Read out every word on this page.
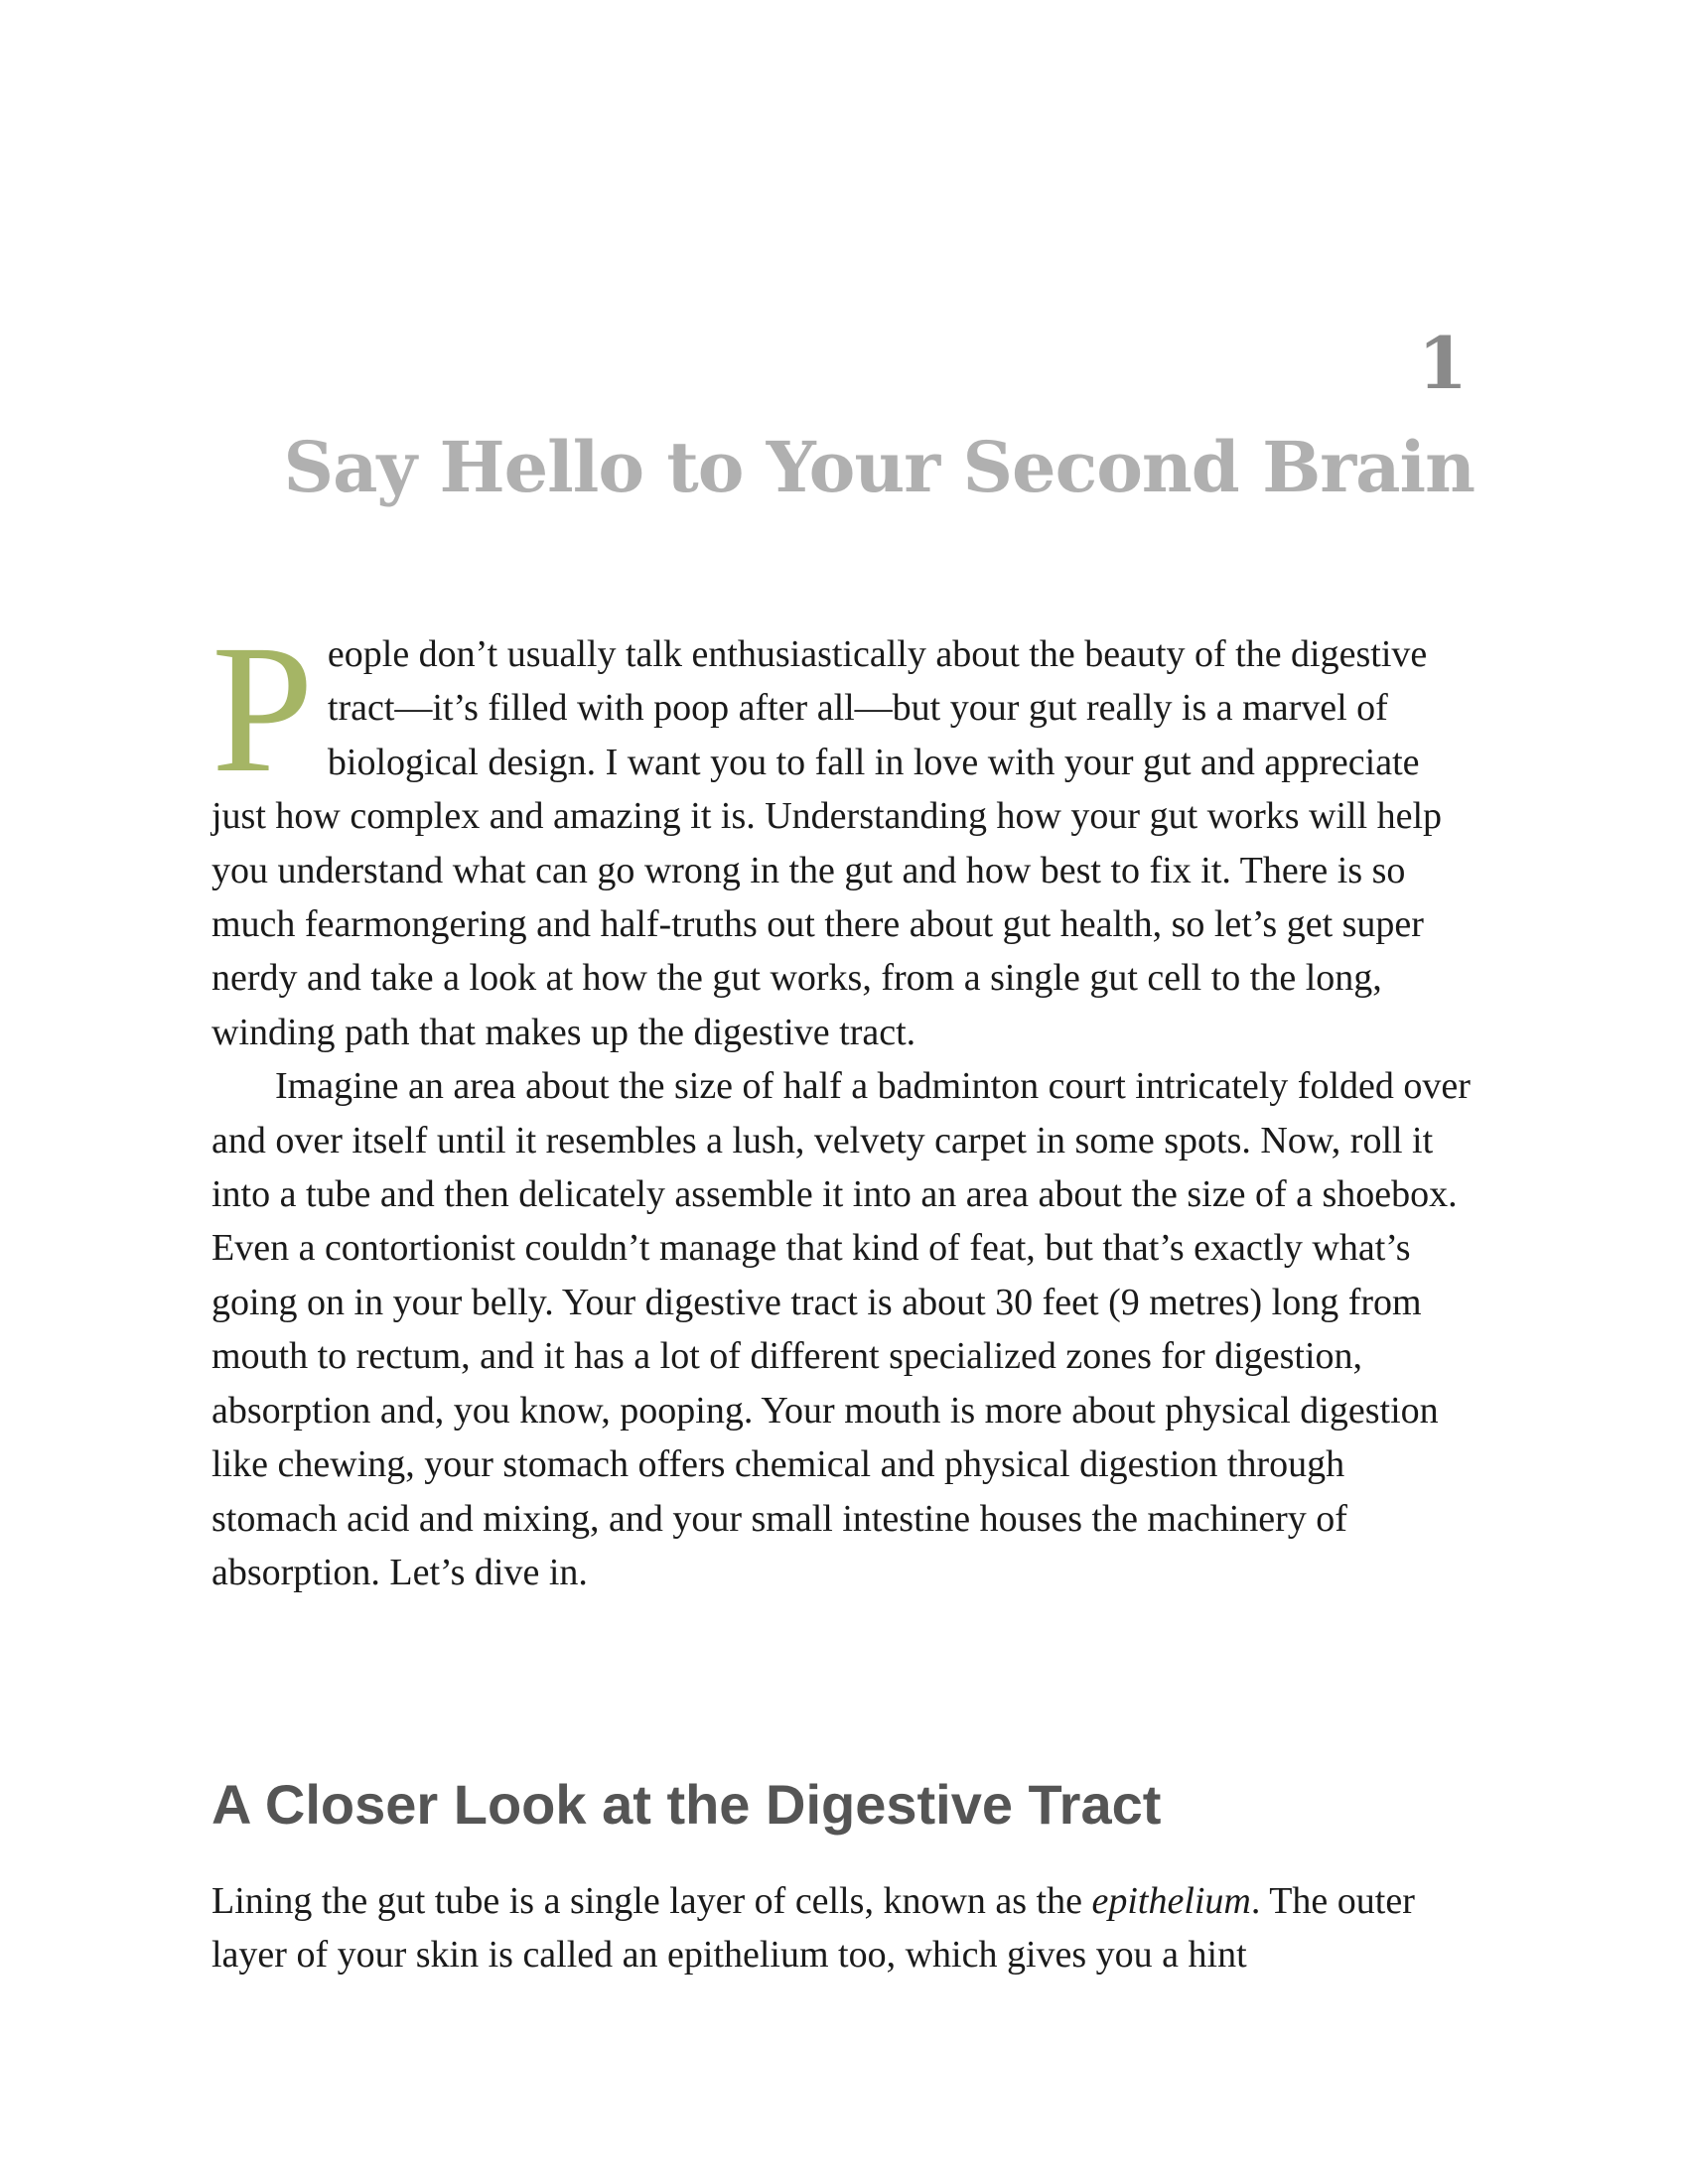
1
Say Hello to Your Second Brain

People don’t usually talk enthusiastically about the beauty of the digestive tract—it’s filled with poop after all—but your gut really is a marvel of biological design. I want you to fall in love with your gut and appreciate just how complex and amazing it is. Understanding how your gut works will help you understand what can go wrong in the gut and how best to fix it. There is so much fearmongering and half-truths out there about gut health, so let’s get super nerdy and take a look at how the gut works, from a single gut cell to the long, winding path that makes up the digestive tract.

Imagine an area about the size of half a badminton court intricately folded over and over itself until it resembles a lush, velvety carpet in some spots. Now, roll it into a tube and then delicately assemble it into an area about the size of a shoebox. Even a contortionist couldn’t manage that kind of feat, but that’s exactly what’s going on in your belly. Your digestive tract is about 30 feet (9 metres) long from mouth to rectum, and it has a lot of different specialized zones for digestion, absorption and, you know, pooping. Your mouth is more about physical digestion like chewing, your stomach offers chemical and physical digestion through stomach acid and mixing, and your small intestine houses the machinery of absorption. Let’s dive in.

A Closer Look at the Digestive Tract

Lining the gut tube is a single layer of cells, known as the epithelium. The outer layer of your skin is called an epithelium too, which gives you a hint
